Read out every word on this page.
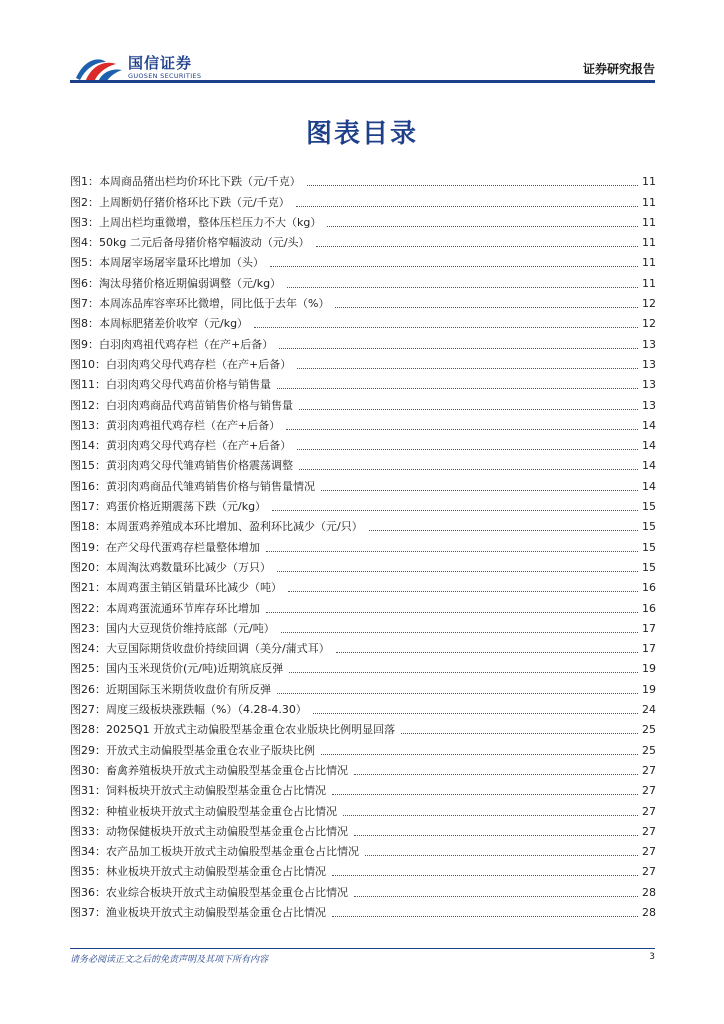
国信证券
GUOSEN SECURITIES	证券研究报告
图表目录
图1： 本周商品猪出栏均价环比下跌（元/千克）	11
图2： 上周断奶仔猪价格环比下跌（元/千克）	11
图3： 上周出栏均重微增，整体压栏压力不大（kg）	11
图4： 50kg 二元后备母猪价格窄幅波动（元/头）	11
图5： 本周屠宰场屠宰量环比增加（头）	11
图6： 淘汰母猪价格近期偏弱调整（元/kg）	11
图7： 本周冻品库容率环比微增，同比低于去年（%）	12
图8： 本周标肥猪差价收窄（元/kg）	12
图9： 白羽肉鸡祖代鸡存栏（在产+后备）	13
图10： 白羽肉鸡父母代鸡存栏（在产+后备）	13
图11： 白羽肉鸡父母代鸡苗价格与销售量	13
图12： 白羽肉鸡商品代鸡苗销售价格与销售量	13
图13： 黄羽肉鸡祖代鸡存栏（在产+后备）	14
图14： 黄羽肉鸡父母代鸡存栏（在产+后备）	14
图15： 黄羽肉鸡父母代雏鸡销售价格震荡调整	14
图16： 黄羽肉鸡商品代雏鸡销售价格与销售量情况	14
图17： 鸡蛋价格近期震荡下跌（元/kg）	15
图18： 本周蛋鸡养殖成本环比增加、盈利环比减少（元/只）	15
图19： 在产父母代蛋鸡存栏量整体增加	15
图20： 本周淘汰鸡数量环比减少（万只）	15
图21： 本周鸡蛋主销区销量环比减少（吨）	16
图22： 本周鸡蛋流通环节库存环比增加	16
图23： 国内大豆现货价维持底部（元/吨）	17
图24： 大豆国际期货收盘价持续回调（美分/蒲式耳）	17
图25： 国内玉米现货价(元/吨)近期筑底反弹	19
图26： 近期国际玉米期货收盘价有所反弹	19
图27： 周度三级板块涨跌幅（%）（4.28-4.30）	24
图28： 2025Q1 开放式主动偏股型基金重仓农业版块比例明显回落	25
图29： 开放式主动偏股型基金重仓农业子版块比例	25
图30： 畜禽养殖板块开放式主动偏股型基金重仓占比情况	27
图31： 饲料板块开放式主动偏股型基金重仓占比情况	27
图32： 种植业板块开放式主动偏股型基金重仓占比情况	27
图33： 动物保健板块开放式主动偏股型基金重仓占比情况	27
图34： 农产品加工板块开放式主动偏股型基金重仓占比情况	27
图35： 林业板块开放式主动偏股型基金重仓占比情况	27
图36： 农业综合板块开放式主动偏股型基金重仓占比情况	28
图37： 渔业板块开放式主动偏股型基金重仓占比情况	28
请务必阅读正文之后的免责声明及其项下所有内容	3
